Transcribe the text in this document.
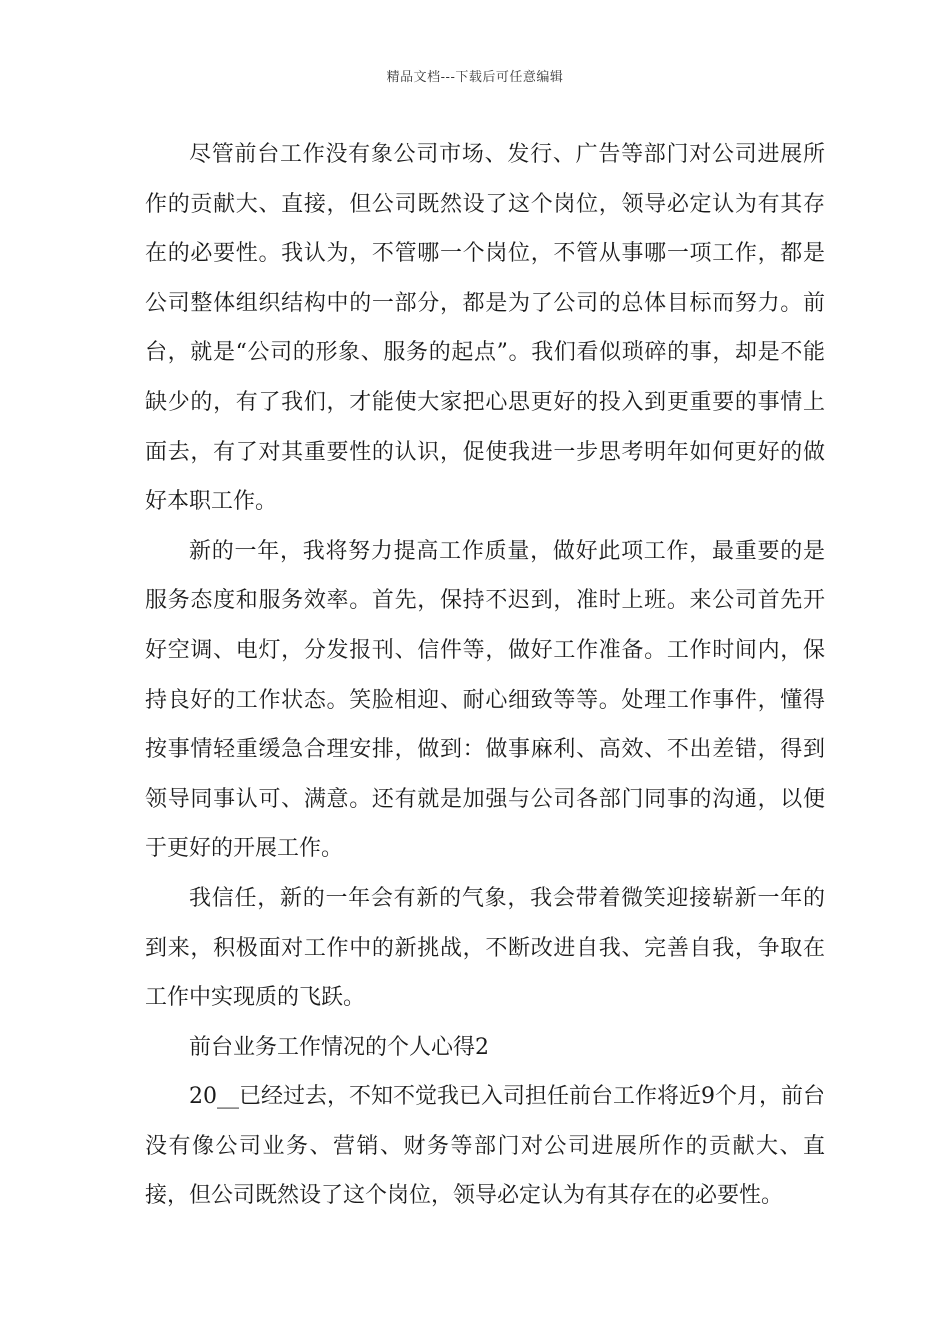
精品文档---下载后可任意编辑

尽管前台工作没有象公司市场、发行、广告等部门对公司进展所作的贡献大、直接，但公司既然设了这个岗位，领导必定认为有其存在的必要性。我认为，不管哪一个岗位，不管从事哪一项工作，都是公司整体组织结构中的一部分，都是为了公司的总体目标而努力。前台，就是“公司的形象、服务的起点”。我们看似琐碎的事，却是不能缺少的，有了我们，才能使大家把心思更好的投入到更重要的事情上面去，有了对其重要性的认识，促使我进一步思考明年如何更好的做好本职工作。

新的一年，我将努力提高工作质量，做好此项工作，最重要的是服务态度和服务效率。首先，保持不迟到，准时上班。来公司首先开好空调、电灯，分发报刊、信件等，做好工作准备。工作时间内，保持良好的工作状态。笑脸相迎、耐心细致等等。处理工作事件，懂得按事情轻重缓急合理安排，做到：做事麻利、高效、不出差错，得到领导同事认可、满意。还有就是加强与公司各部门同事的沟通，以便于更好的开展工作。

我信任，新的一年会有新的气象，我会带着微笑迎接崭新一年的到来，积极面对工作中的新挑战，不断改进自我、完善自我，争取在工作中实现质的飞跃。

前台业务工作情况的个人心得2

20__已经过去，不知不觉我已入司担任前台工作将近9个月，前台没有像公司业务、营销、财务等部门对公司进展所作的贡献大、直接，但公司既然设了这个岗位，领导必定认为有其存在的必要性。
